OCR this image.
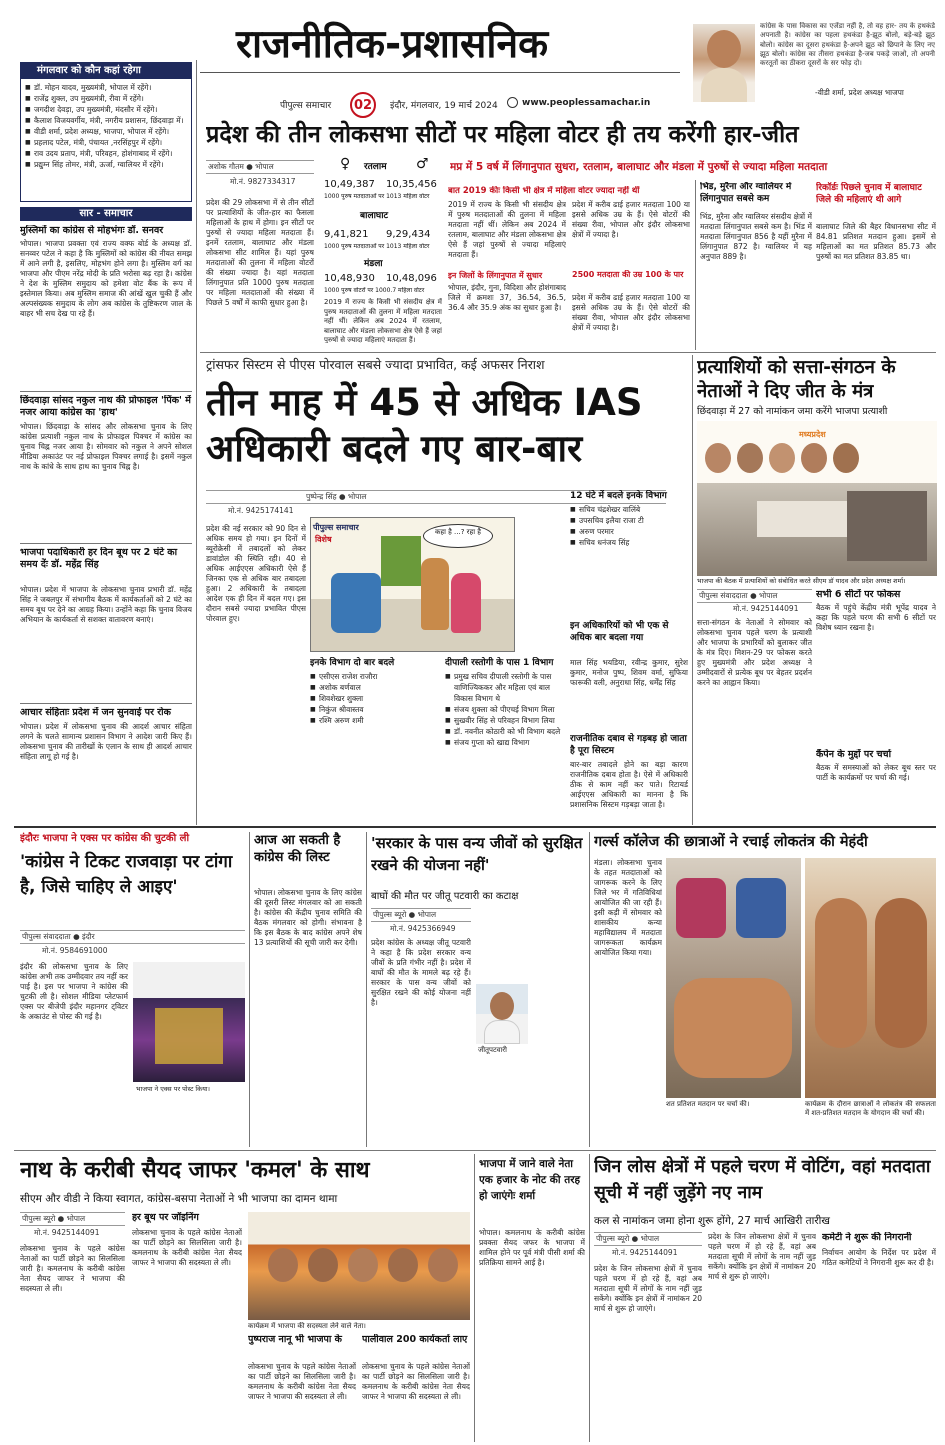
राजनीतिक-प्रशासनिक
पीपुल्स समाचार	02	इंदौर, मंगलवार, 19 मार्च 2024	www.peoplessamachar.in
कांग्रेस के पास विकास का एजेंडा नहीं है, तो वह हार- तय के हथकंडे अपनाती है। कांग्रेस का पहला हथकंडा है-झूठ बोलो, बड़े-बड़े झूठ बोलो। कांग्रेस का दूसरा हथकंडा है-अपने झूठ को छिपाने के लिए नए झूठ बोलो। कांग्रेस का तीसरा हथकंडा है-जब पकड़े जाओ, तो अपनी करतूतों का ठीकरा दूसरों के सर फोड़ दो।
-वीडी शर्मा, प्रदेश अध्यक्ष भाजपा
मंगलवार को कौन कहां रहेगा
■ डॉ. मोहन यादव, मुख्यमंत्री, भोपाल में रहेंगे।
■ राजेंद्र शुक्ल, उप मुख्यमंत्री, रीवा में रहेंगे।
■ जगदीश देवड़ा, उप मुख्यमंत्री, मंदसौर में रहेंगे।
■ कैलाश विजयवर्गीय, मंत्री, नगरीय प्रशासन, छिंदवाड़ा में।
■ वीडी शर्मा, प्रदेश अध्यक्ष, भाजपा, भोपाल में रहेंगे।
■ प्रहलाद पटेल, मंत्री, पंचायत ,नरसिंहपुर में रहेंगे।
■ राव उदय प्रताप, मंत्री, परिवहन, होशंगाबाद में रहेंगे।
■ प्रद्युम्न सिंह तोमर, मंत्री, ऊर्जा, ग्वालियर में रहेंगे।
सार - समाचार
मुस्लिमों का कांग्रेस से मोहभंगः डॉ. सनवर
भोपाल। भाजपा प्रवक्ता एवं राज्य वक्फ बोर्ड के अध्यक्ष डॉ. सनव्वर पटेल ने कहा है कि मुस्लिमों को कांग्रेस की नीयत समझ में आने लगी है, इसलिए, मोहभंग होने लगा है। मुस्लिम वर्ग का भाजपा और पीएम नरेंद्र मोदी के प्रति भरोसा बढ़ रहा है। कांग्रेस ने देश के मुस्लिम समुदाय को हमेशा वोट बैंक के रूप में इस्तेमाल किया। अब मुस्लिम समाज की आंखें खुल चुकी हैं और अल्पसंख्यक समुदाय के लोग अब कांग्रेस के तुष्टिकरण जाल के बाहर भी सच देख पा रहे हैं।
छिंदवाड़ा सांसद नकुल नाथ की प्रोफाइल 'पिंक' में नजर आया कांग्रेस का 'हाथ'
भोपाल। छिंदवाड़ा के सांसद और लोकसभा चुनाव के लिए कांग्रेस प्रत्याशी नकुल नाथ के प्रोफाइल पिक्चर में कांग्रेस का चुनाव चिह्न नजर आया है। सोमवार को नकुल ने अपने सोशल मीडिया अकाउंट पर नई प्रोफाइल पिक्चर लगाई है। इसमें नकुल नाथ के कांधे के साथ हाथ का चुनाव चिह्न है।
भाजपा पदाधिकारी हर दिन बूथ पर 2 घंटे का समय देंः डॉ. महेंद्र सिंह
भोपाल। प्रदेश में भाजपा के लोकसभा चुनाव प्रभारी डॉ. महेंद्र सिंह ने जबलपुर में संभागीय बैठक में कार्यकर्ताओं को 2 घंटे का समय बूथ पर देने का आग्रह किया। उन्होंने कहा कि चुनाव विजय अभियान के कार्यकर्ता से सशक्त वातावरण बनाएं।
आचार संहिताः प्रदेश में जन सुनवाई पर रोक
भोपाल। प्रदेश में लोकसभा चुनाव की आदर्श आचार संहिता लगने के चलते सामान्य प्रशासन विभाग ने आदेश जारी किए हैं। लोकसभा चुनाव की तारीखों के एलान के साथ ही आदर्श आचार संहिता लागू हो गई है।
प्रदेश की तीन लोकसभा सीटों पर महिला वोटर ही तय करेंगी हार-जीत
अशोक गौतम ● भोपाल
मो.नं. 9827334317
प्रदेश की 29 लोकसभा में से तीन सीटों पर प्रत्याशियों के जीत-हार का फैसला महिलाओं के हाथ में होगा। इन सीटों पर पुरुषों से ज्यादा महिला मतदाता हैं। इनमें रतलाम, बालाघाट और मंडला लोकसभा सीट शामिल हैं। यहां पुरुष मतदाताओं की तुलना में महिला वोटरों की संख्या ज्यादा है। यहां मतदाता लिंगानुपात प्रति 1000 पुरुष मतदाता पर महिला मतदाताओं की संख्या में पिछले 5 वर्षों में काफी सुधार हुआ है।
♀ रतलाम ♂
10,49,387 10,35,456
1000 पुरुष मतदाताओं पर 1013 महिला वोटर
बालाघाट
9,41,821 9,29,434
1000 पुरुष मतदाताओं पर 1013 महिला वोटर
मंडला
10,48,930 10,48,096
1000 पुरुष वोटरों पर 1000.7 महिला वोटर
2019 में राज्य के किसी भी संसदीय क्षेत्र में पुरुष मतदाताओं की तुलना में महिला मतदाता नहीं थीं। लेकिन अब 2024 में रतलाम, बालाघाट और मंडला लोकसभा क्षेत्र ऐसे हैं जहां पुरुषों से ज्यादा महिलाएं मतदाता हैं।
मप्र में 5 वर्ष में लिंगानुपात सुधरा, रतलाम, बालाघाट और मंडला में पुरुषों से ज्यादा महिला मतदाता
बात 2019 कीः किसी भी क्षेत्र में महिला वोटर ज्यादा नहीं थीं
2019 में राज्य के किसी भी संसदीय क्षेत्र में पुरुष मतदाताओं की तुलना में महिला मतदाता नहीं थीं। लेकिन अब 2024 में रतलाम, बालाघाट और मंडला लोकसभा क्षेत्र ऐसे हैं जहां पुरुषों से ज्यादा महिलाएं मतदाता हैं।
प्रदेश में करीब ढाई हजार मतदाता 100 या इससे अधिक उम्र के हैं। ऐसे वोटरों की संख्या रीवा, भोपाल और इंदौर लोकसभा क्षेत्रों में ज्यादा है।
इन जिलों के लिंगानुपात में सुधार
भोपाल, इंदौर, गुना, विदिशा और होशंगाबाद जिले में क्रमशः 37, 36.54, 36.5, 36.4 और 35.9 अंक का सुधार हुआ है।
2500 मतदाता की उम्र 100 के पार
प्रदेश में करीब ढाई हजार मतदाता 100 या इससे अधिक उम्र के हैं। ऐसे वोटरों की संख्या रीवा, भोपाल और इंदौर लोकसभा क्षेत्रों में ज्यादा है।
भिंड, मुरैना और ग्वालियर में लिंगानुपात सबसे कम
भिंड, मुरैना और ग्वालियर संसदीय क्षेत्रों में मतदाता लिंगानुपात सबसे कम है। भिंड में मतदाता लिंगानुपात 856 है यहीं मुरैना में लिंगानुपात 872 है। ग्वालियर में यह अनुपात 889 है।
रिकॉर्डः पिछले चुनाव में बालाघाट जिले की महिलाएं थी आगे
बालाघाट जिले की बैहर विधानसभा सीट में 84.81 प्रतिशत मतदान हुआ। इसमें से महिलाओं का मत प्रतिशत 85.73 और पुरुषों का मत प्रतिशत 83.85 था।
ट्रांसफर सिस्टम से पीएस पोरवाल सबसे ज्यादा प्रभावित, कई अफसर निराश
तीन माह में 45 से अधिक IAS अधिकारी बदले गए बार-बार
पुष्पेन्द्र सिंह ● भोपाल
मो.नं. 9425174141
प्रदेश की नई सरकार को 90 दिन से अधिक समय हो गया। इन दिनों में ब्यूरोक्रेसी में तबादलों को लेकर डावांडोल की स्थिति रही। 40 से अधिक आईएएस अधिकारी ऐसे हैं जिनका एक से अधिक बार तबादला हुआ। 2 अधिकारी के तबादला आदेश एक ही दिन में बदल गए। इस दौरान सबसे ज्यादा प्रभावित पीएस पोरवाल हुए।
कहा है ...? रहा है
पीपुल्स समाचार
विशेष
12 घंटे में बदले इनके विभाग
■ सचिव चंद्रशेखर वालिंबे
■ उपसचिव इलैया राजा टी
■ अरुण परमार
■ सचिव धनंजय सिंह
इनके विभाग दो बार बदले
■ एसीएस राजेश राजौरा
■ अशोक बर्णवाल
■ शिवशेखर शुक्ला
■ निकुंज श्रीवास्तव
■ रश्मि अरुण शमी
दीपाली रस्तोगी के पास 1 विभाग
■ प्रमुख सचिव दीपाली रस्तोगी के पास वाणिज्यिककर और महिला एवं बाल विकास विभाग थे
■ संजय शुक्ला को पीएचई विभाग मिला
■ सुखवीर सिंह से परिवहन विभाग लिया
■ डॉ. नवनीत कोठारी को भी विभाग बदले
■ संजय गुप्ता को खाद्य विभाग
इन अधिकारियों को भी एक से अधिक बार बदला गया
माल सिंह भयडिया, रवीन्द्र कुमार, सुरेश कुमार, मनोज पुष्प, शिवम वर्मा, सुफिया फारूकी वली, अनुराधा सिंह, धर्मेंद्र सिंह
राजनीतिक दबाव से गड़बड़ हो जाता है पूरा सिस्टम
बार-बार तबादले होने का बड़ा कारण राजनीतिक दबाव होता है। ऐसे में अधिकारी ठीक से काम नहीं कर पाते। रिटायर्ड आईएएस अधिकारी का मानना है कि प्रशासनिक सिस्टम गड़बड़ा जाता है।
प्रत्याशियों को सत्ता-संगठन के नेताओं ने दिए जीत के मंत्र
छिंदवाड़ा में 27 को नामांकन जमा करेंगे भाजपा प्रत्याशी
मध्यप्रदेश
भाजपा की बैठक में प्रत्याशियों को संबोधित करते सीएम डॉ यादव और प्रदेश अध्यक्ष शर्मा।
पीपुल्स संवाददाता ● भोपाल
मो.नं. 9425144091
सत्ता-संगठन के नेताओं ने सोमवार को लोकसभा चुनाव पहले चरण के प्रत्याशी और भाजपा के प्रभारियों को बुलाकर जीत के मंत्र दिए। मिशन-29 पर फोकस करते हुए मुख्यमंत्री और प्रदेश अध्यक्ष ने उम्मीदवारों से प्रत्येक बूथ पर बेहतर प्रदर्शन करने का आह्वान किया।
सभी 6 सीटों पर फोकस
बैठक में पहुंचे केंद्रीय मंत्री भूपेंद्र यादव ने कहा कि पहले चरण की सभी 6 सीटों पर विशेष ध्यान रखना है।
कैंपेन के मुद्दों पर चर्चा
बैठक में समस्याओं को लेकर बूथ स्तर पर पार्टी के कार्यक्रमों पर चर्चा की गई।
इंदौरः भाजपा ने एक्स पर कांग्रेस की चुटकी ली
'कांग्रेस ने टिकट राजवाड़ा पर टांगा है, जिसे चाहिए ले आइए'
पीपुल्स संवाददाता ● इंदौर
मो.नं. 9584691000
इंदौर की लोकसभा चुनाव के लिए कांग्रेस अभी तक उम्मीदवार तय नहीं कर पाई है। इस पर भाजपा ने कांग्रेस की चुटकी ली है। सोशल मीडिया प्लेटफार्म एक्स पर बीजेपी इंदौर महानगर ट्विटर के अकाउंट से पोस्ट की गई है।
भाजपा ने एक्स पर पोस्ट किया।
आज आ सकती है कांग्रेस की लिस्ट
भोपाल। लोकसभा चुनाव के लिए कांग्रेस की दूसरी लिस्ट मंगलवार को आ सकती है। कांग्रेस की केंद्रीय चुनाव समिति की बैठक मंगलवार को होगी। संभावना है कि इस बैठक के बाद कांग्रेस अपने शेष 13 प्रत्याशियों की सूची जारी कर देगी।
'सरकार के पास वन्य जीवों को सुरक्षित रखने की योजना नहीं'
बाघों की मौत पर जीतू पटवारी का कटाक्ष
पीपुल्स ब्यूरो ● भोपाल
मो.नं. 9425366949
प्रदेश कांग्रेस के अध्यक्ष जीतू पटवारी ने कहा है कि प्रदेश सरकार वन्य जीवों के प्रति गंभीर नहीं है। प्रदेश में बाघों की मौत के मामले बढ़ रहे हैं। सरकार के पास वन्य जीवों को सुरक्षित रखने की कोई योजना नहीं है।
जीतूपटवारी
गर्ल्स कॉलेज की छात्राओं ने रचाई लोकतंत्र की मेहंदी
मंडला। लोकसभा चुनाव के तहत मतदाताओं को जागरूक करने के लिए जिले भर में गतिविधियां आयोजित की जा रही हैं। इसी कड़ी में सोमवार को शासकीय कन्या महाविद्यालय में मतदाता जागरूकता कार्यक्रम आयोजित किया गया।
शत प्रतिशत मतदान पर चर्चा की।	कार्यक्रम के दौरान छात्राओं ने लोकतंत्र की सफलता में शत-प्रतिशत मतदान के योगदान की चर्चा की।
नाथ के करीबी सैयद जाफर 'कमल' के साथ
सीएम और वीडी ने किया स्वागत, कांग्रेस-बसपा नेताओं ने भी भाजपा का दामन थामा
पीपुल्स ब्यूरो ● भोपाल
मो.नं. 9425144091
लोकसभा चुनाव के पहले कांग्रेस नेताओं का पार्टी छोड़ने का सिलसिला जारी है। कमलनाथ के करीबी कांग्रेस नेता सैयद जाफर ने भाजपा की सदस्यता ले ली।
हर बूथ पर जॉइनिंग
लोकसभा चुनाव के पहले कांग्रेस नेताओं का पार्टी छोड़ने का सिलसिला जारी है। कमलनाथ के करीबी कांग्रेस नेता सैयद जाफर ने भाजपा की सदस्यता ले ली।
कार्यक्रम में भाजपा की सदस्यता लेने वाले नेता।
पुष्पराज नानू भी भाजपा के
लोकसभा चुनाव के पहले कांग्रेस नेताओं का पार्टी छोड़ने का सिलसिला जारी है। कमलनाथ के करीबी कांग्रेस नेता सैयद जाफर ने भाजपा की सदस्यता ले ली।
पालीवाल 200 कार्यकर्ता लाए
लोकसभा चुनाव के पहले कांग्रेस नेताओं का पार्टी छोड़ने का सिलसिला जारी है। कमलनाथ के करीबी कांग्रेस नेता सैयद जाफर ने भाजपा की सदस्यता ले ली।
भाजपा में जाने वाले नेता एक हजार के नोट की तरह हो जाएंगेः शर्मा
भोपाल। कमलनाथ के करीबी कांग्रेस प्रवक्ता सैयद जफर के भाजपा में शामिल होने पर पूर्व मंत्री पीसी शर्मा की प्रतिक्रिया सामने आई है।
जिन लोस क्षेत्रों में पहले चरण में वोटिंग, वहां मतदाता सूची में नहीं जुड़ेंगे नए नाम
कल से नामांकन जमा होना शुरू होंगे, 27 मार्च आखिरी तारीख
पीपुल्स ब्यूरो ● भोपाल
मो.नं. 9425144091
प्रदेश के जिन लोकसभा क्षेत्रों में चुनाव पहले चरण में हो रहे हैं, वहां अब मतदाता सूची में लोगों के नाम नहीं जुड़ सकेंगे। क्योंकि इन क्षेत्रों में नामांकन 20 मार्च से शुरू हो जाएंगे।
प्रदेश के जिन लोकसभा क्षेत्रों में चुनाव पहले चरण में हो रहे हैं, वहां अब मतदाता सूची में लोगों के नाम नहीं जुड़ सकेंगे। क्योंकि इन क्षेत्रों में नामांकन 20 मार्च से शुरू हो जाएंगे।
कमेटी ने शुरू की निगरानी
निर्वाचन आयोग के निर्देश पर प्रदेश में गठित कमेटियों ने निगरानी शुरू कर दी है।
